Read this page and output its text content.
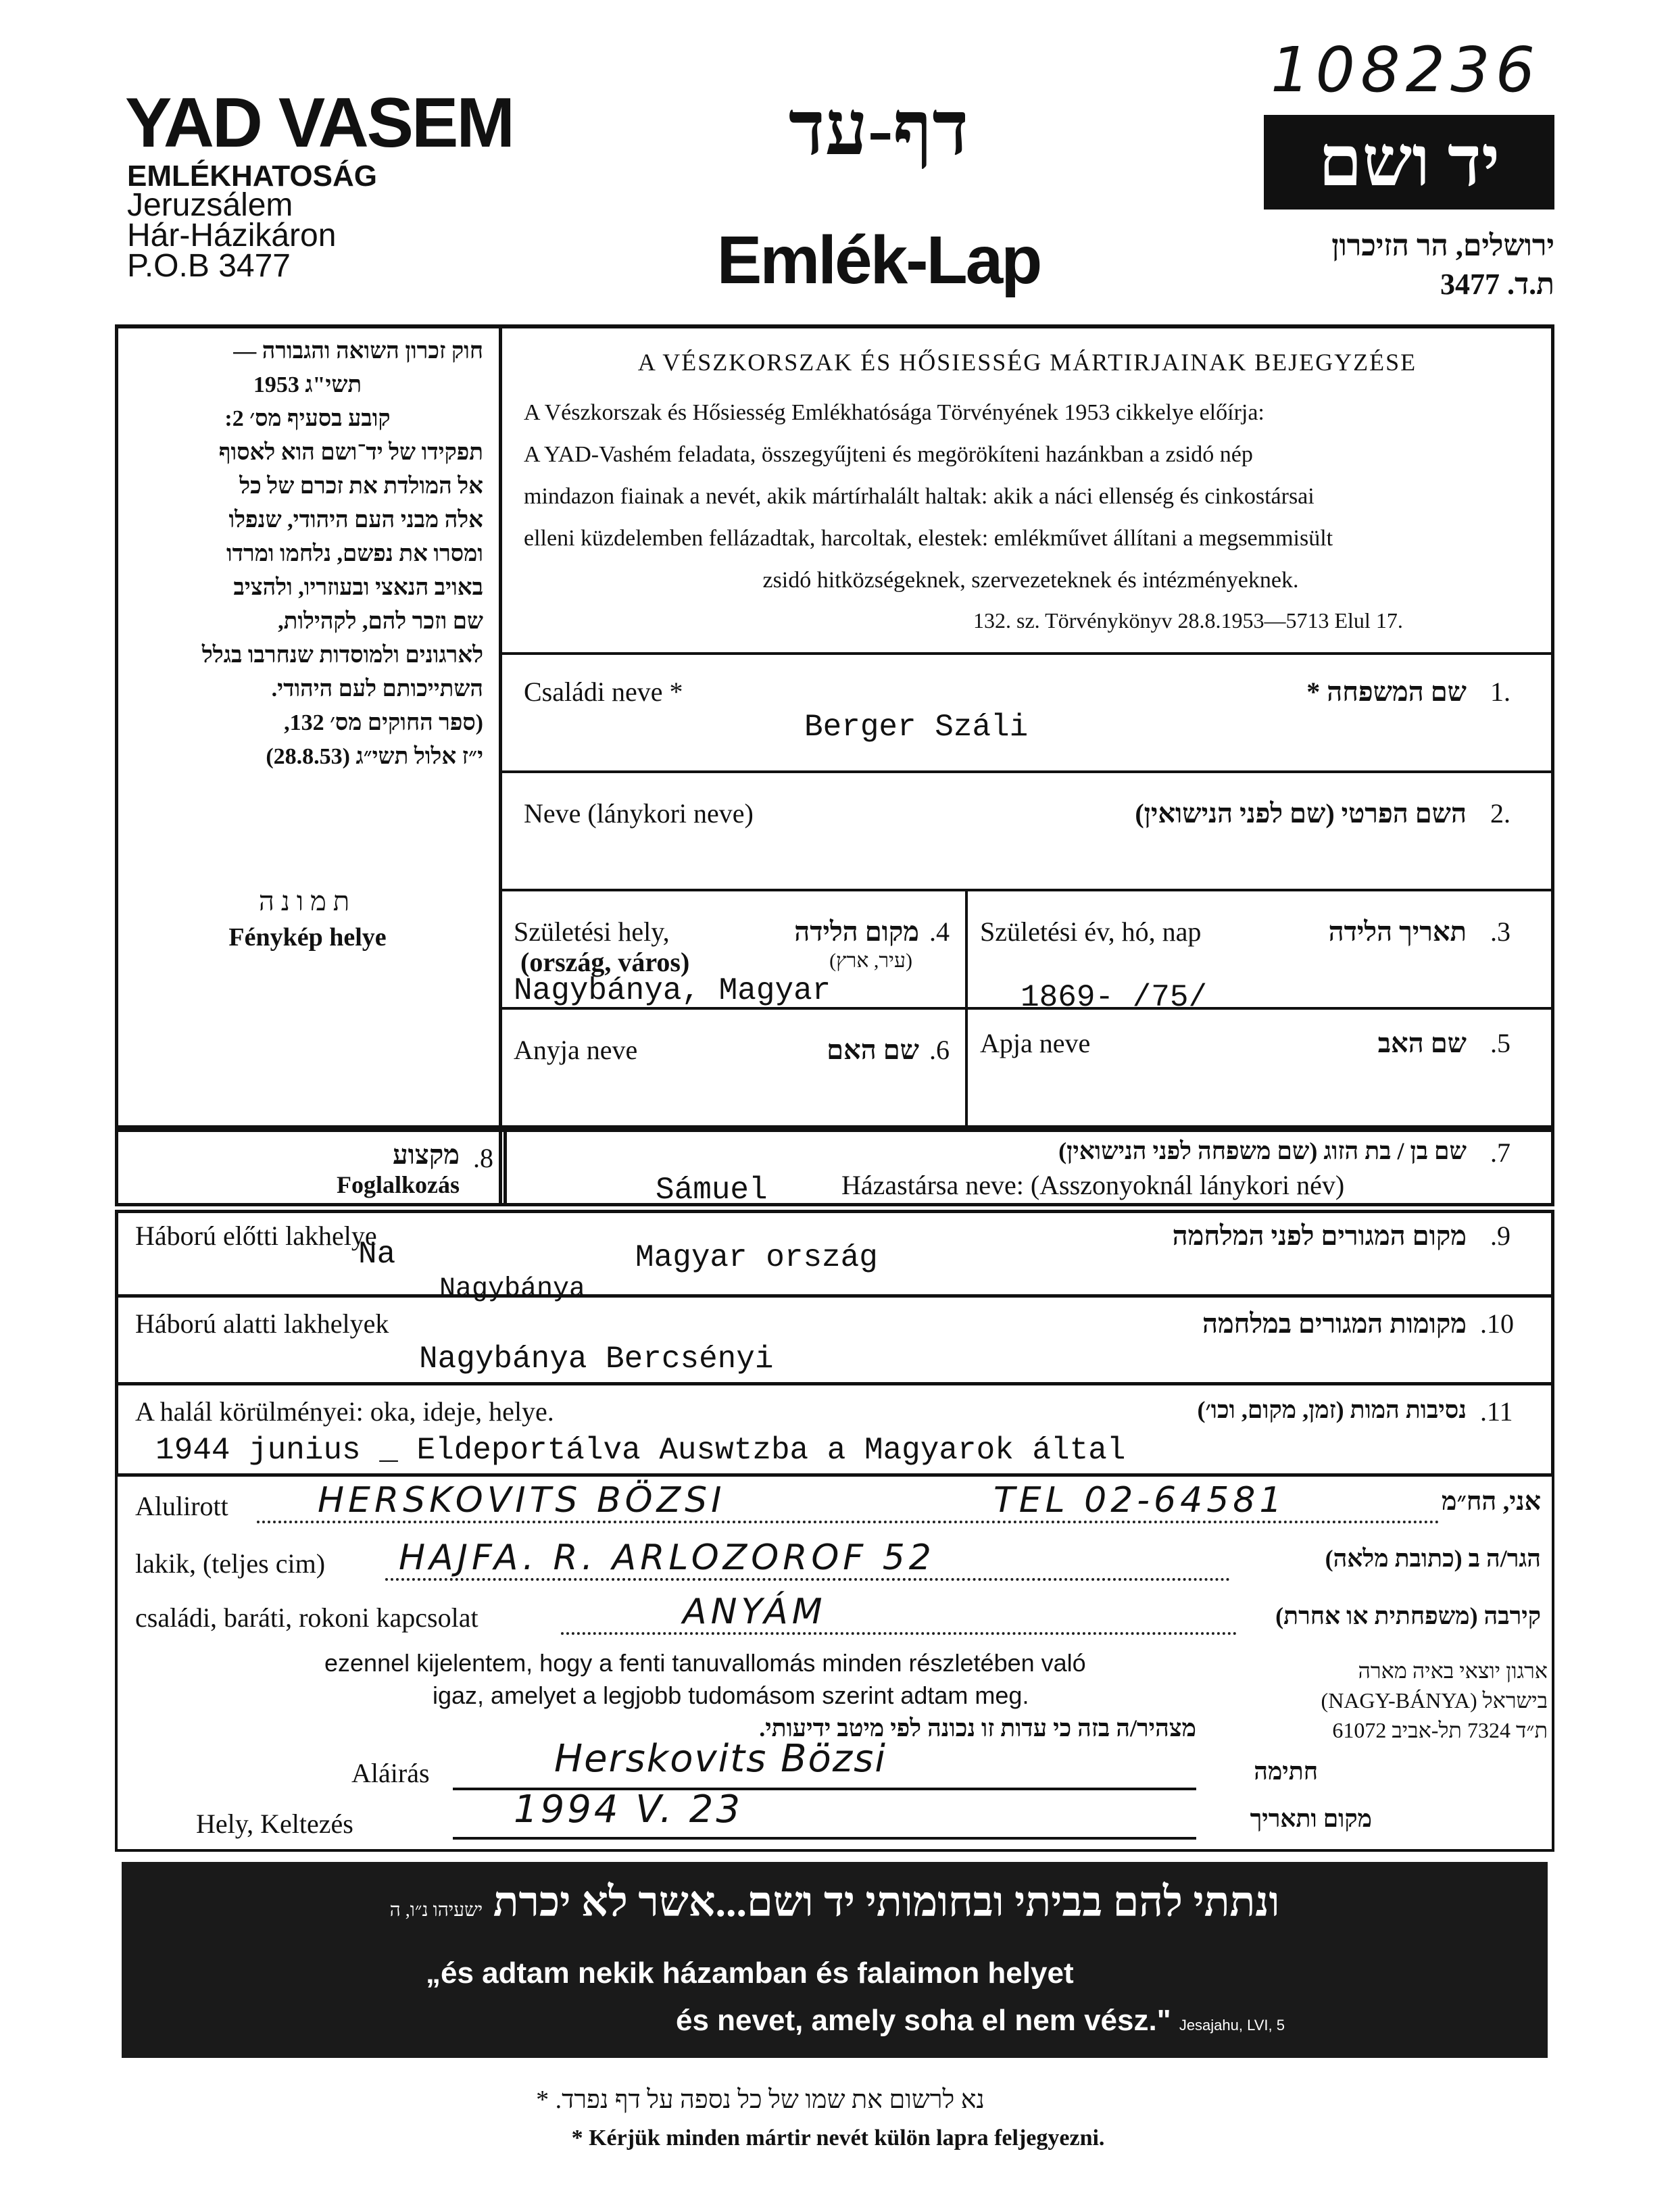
YAD VASEM
EMLÉKHATOSÁG
Jeruzsálem
Hár-Házikáron
P.O.B 3477
דף-עד
Emlék-Lap
108236
יד ושם
ירושלים, הר הזיכרון
ת.ד. 3477
חוק זכרון השואה והגבורה —
תשי"ג 1953
קובע בסעיף מס׳ 2:
תפקידו של יד־ושם הוא לאסוף
אל המולדת את זכרם של כל
אלה מבני העם היהודי, שנפלו
ומסרו את נפשם, נלחמו ומרדו
באויב הנאצי ובעוזריו, ולהציב
שם וזכר להם, לקהילות,
לארגונים ולמוסדות שנחרבו בגלל
השתייכותם לעם היהודי.
(ספר החוקים מס׳ 132,
י״ז אלול תשי״ג (28.8.53)
תמונה
Fénykép helye
A VÉSZKORSZAK ÉS HŐSIESSÉG MÁRTIRJAINAK BEJEGYZÉSE
A Vészkorszak és Hősiesség Emlékhatósága Törvényének 1953 cikkelye előírja:
A YAD-Vashém feladata, összegyűjteni és megörökíteni hazánkban a zsidó nép
mindazon fiainak a nevét, akik mártírhalált haltak: akik a náci ellenség és cinkostársai
elleni küzdelemben fellázadtak, harcoltak, elestek: emlékművet állítani a megsemmisült
zsidó hitközségeknek, szervezeteknek és intézményeknek.
132. sz. Törvénykönyv 28.8.1953—5713 Elul 17.
Családi neve *	שם המשפחה * 1.
Berger Száli
Neve (lánykori neve)	השם הפרטי (שם לפני הנישואין) 2.
Születési hely,	מקום הלידה .4
(ország, város)	(עיר, ארץ)
Nagybánya, Magyar
Születési év, hó, nap	תאריך הלידה .3
1869- /75/
Anyja neve	שם האם .6 Apja neve	שם האב .5
.8
מקצוע
Foglalkozás
שם בן / בת הזוג (שם משפחה לפני הנישואין) .7
Házastársa neve: (Asszonyoknál lánykori név)
Sámuel
Háború előtti lakhelye	מקום המגורים לפני המלחמה .9
Na	Magyar ország
Nagybánya
Háború alatti lakhelyek	מקומות המגורים במלחמה .10
Nagybánya Bercsényi
A halál körülményei: oka, ideje, helye.	נסיבות המות (זמן, מקום, וכו׳) .11
1944 junius _ Eldeportálva Auswtzba a Magyarok által
Alulirott	HERSKOVITS BÖZSI	TEL 02-64581	אני, הח״מ
lakik, (teljes cim) HAJFA. R. ARLOZOROF 52	הגר/ה ב (כתובת מלאה)
családi, baráti, rokoni kapcsolat	ANYÁM	קירבה (משפחתית או אחרת)
ezennel kijelentem, hogy a fenti tanuvallomás minden részletében való
igaz, amelyet a legjobb tudomásom szerint adtam meg.
מצהיר/ה בזה כי עדות זו נכונה לפי מיטב ידיעותי.
ארגון יוצאי באיה מארה
בישראל (NAGY-BÁNYA)
ת״ד 7324 תל-אביב 61072
Aláirás	Herskovits Bözsi	חתימה
Hely, Keltezés	1994 V. 23	מקום ותאריך
ונתתי להם בביתי ובחומותי יד ושם...אשר לא יכרת ישעיהו נ״ו, ה
„és adtam nekik házamban és falaimon helyet
és nevet, amely soha el nem vész." Jesajahu, LVI, 5
נא לרשום את שמו של כל נספה על דף נפרד. *
* Kérjük minden mártir nevét külön lapra feljegyezni.
